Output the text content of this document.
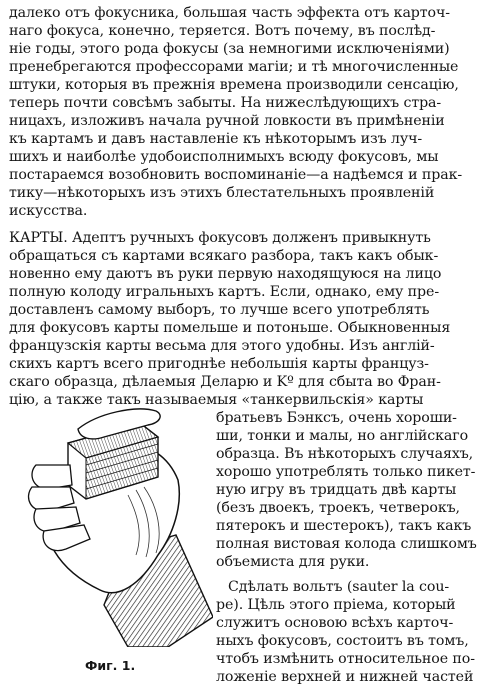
далеко отъ фокусника, большая часть эффекта отъ карточ-
наго фокуса, конечно, теряется. Вотъ почему, въ послѣд-
ніе годы, этого рода фокусы (за немногими исключеніями)
пренебрегаются профессорами магіи; и тѣ многочисленные
штуки, которыя въ прежнія времена производили сенсацію,
теперь почти совсѣмъ забыты. На нижеслѣдующихъ стра-
ницахъ, изложивъ начала ручной ловкости въ примѣненіи
къ картамъ и давъ наставленіе къ нѣкоторымъ изъ луч-
шихъ и наиболѣе удобоисполнимыхъ всюду фокусовъ, мы
постараемся возобновить воспоминаніе—а надѣемся и прак-
тику—нѣкоторыхъ изъ этихъ блестательныхъ проявленій
искусства.
КАРТЫ. Адептъ ручныхъ фокусовъ долженъ привыкнуть
обращаться съ картами всякаго разбора, такъ какъ обык-
новенно ему даютъ въ руки первую находящуюся на лицо
полную колоду игральныхъ картъ. Если, однако, ему пре-
доставленъ самому выборъ, то лучше всего употреблять
для фокусовъ карты помельше и потоньше. Обыкновенныя
французскія карты весьма для этого удобны. Изъ англій-
скихъ картъ всего пригоднѣе небольшія карты француз-
скаго образца, дѣлаемыя Деларю и Kº для сбыта во Фран-
цію, а также такъ называемыя «танкервильскія» карты
братьевъ Бэнксъ, очень хороши-
ши, тонки и малы, но англійскаго
образца. Въ нѣкоторыхъ случаяхъ,
хорошо употреблять только пикет-
ную игру въ тридцать двѣ карты
(безъ двоекъ, троекъ, четверокъ,
пятерокъ и шестерокъ), такъ какъ
полная вистовая колода слишкомъ
объемиста для руки.
Сдѣлать вольтъ (sauter la cou-
pe). Цѣль этого пріема, который
служитъ основою всѣхъ карточ-
ныхъ фокусовъ, состоитъ въ томъ,
чтобъ измѣнить относительное по-
ложеніе верхней и нижней частей
Фиг. 1.
